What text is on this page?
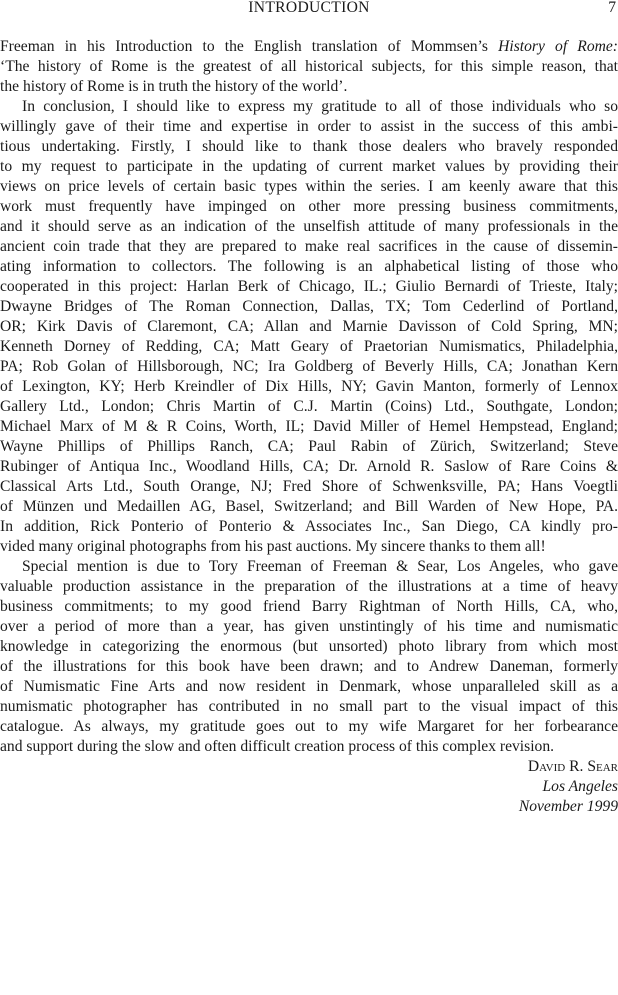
INTRODUCTION	7
Freeman in his Introduction to the English translation of Mommsen’s History of Rome:
‘The history of Rome is the greatest of all historical subjects, for this simple reason, that
the history of Rome is in truth the history of the world’.
In conclusion, I should like to express my gratitude to all of those individuals who so
willingly gave of their time and expertise in order to assist in the success of this ambi-
tious undertaking. Firstly, I should like to thank those dealers who bravely responded
to my request to participate in the updating of current market values by providing their
views on price levels of certain basic types within the series. I am keenly aware that this
work must frequently have impinged on other more pressing business commitments,
and it should serve as an indication of the unselfish attitude of many professionals in the
ancient coin trade that they are prepared to make real sacrifices in the cause of dissemin-
ating information to collectors. The following is an alphabetical listing of those who
cooperated in this project: Harlan Berk of Chicago, IL.; Giulio Bernardi of Trieste, Italy;
Dwayne Bridges of The Roman Connection, Dallas, TX; Tom Cederlind of Portland,
OR; Kirk Davis of Claremont, CA; Allan and Marnie Davisson of Cold Spring, MN;
Kenneth Dorney of Redding, CA; Matt Geary of Praetorian Numismatics, Philadelphia,
PA; Rob Golan of Hillsborough, NC; Ira Goldberg of Beverly Hills, CA; Jonathan Kern
of Lexington, KY; Herb Kreindler of Dix Hills, NY; Gavin Manton, formerly of Lennox
Gallery Ltd., London; Chris Martin of C.J. Martin (Coins) Ltd., Southgate, London;
Michael Marx of M & R Coins, Worth, IL; David Miller of Hemel Hempstead, England;
Wayne Phillips of Phillips Ranch, CA; Paul Rabin of Zürich, Switzerland; Steve
Rubinger of Antiqua Inc., Woodland Hills, CA; Dr. Arnold R. Saslow of Rare Coins &
Classical Arts Ltd., South Orange, NJ; Fred Shore of Schwenksville, PA; Hans Voegtli
of Münzen und Medaillen AG, Basel, Switzerland; and Bill Warden of New Hope, PA.
In addition, Rick Ponterio of Ponterio & Associates Inc., San Diego, CA kindly pro-
vided many original photographs from his past auctions. My sincere thanks to them all!
Special mention is due to Tory Freeman of Freeman & Sear, Los Angeles, who gave
valuable production assistance in the preparation of the illustrations at a time of heavy
business commitments; to my good friend Barry Rightman of North Hills, CA, who,
over a period of more than a year, has given unstintingly of his time and numismatic
knowledge in categorizing the enormous (but unsorted) photo library from which most
of the illustrations for this book have been drawn; and to Andrew Daneman, formerly
of Numismatic Fine Arts and now resident in Denmark, whose unparalleled skill as a
numismatic photographer has contributed in no small part to the visual impact of this
catalogue. As always, my gratitude goes out to my wife Margaret for her forbearance
and support during the slow and often difficult creation process of this complex revision.
David R. Sear
Los Angeles
November 1999
